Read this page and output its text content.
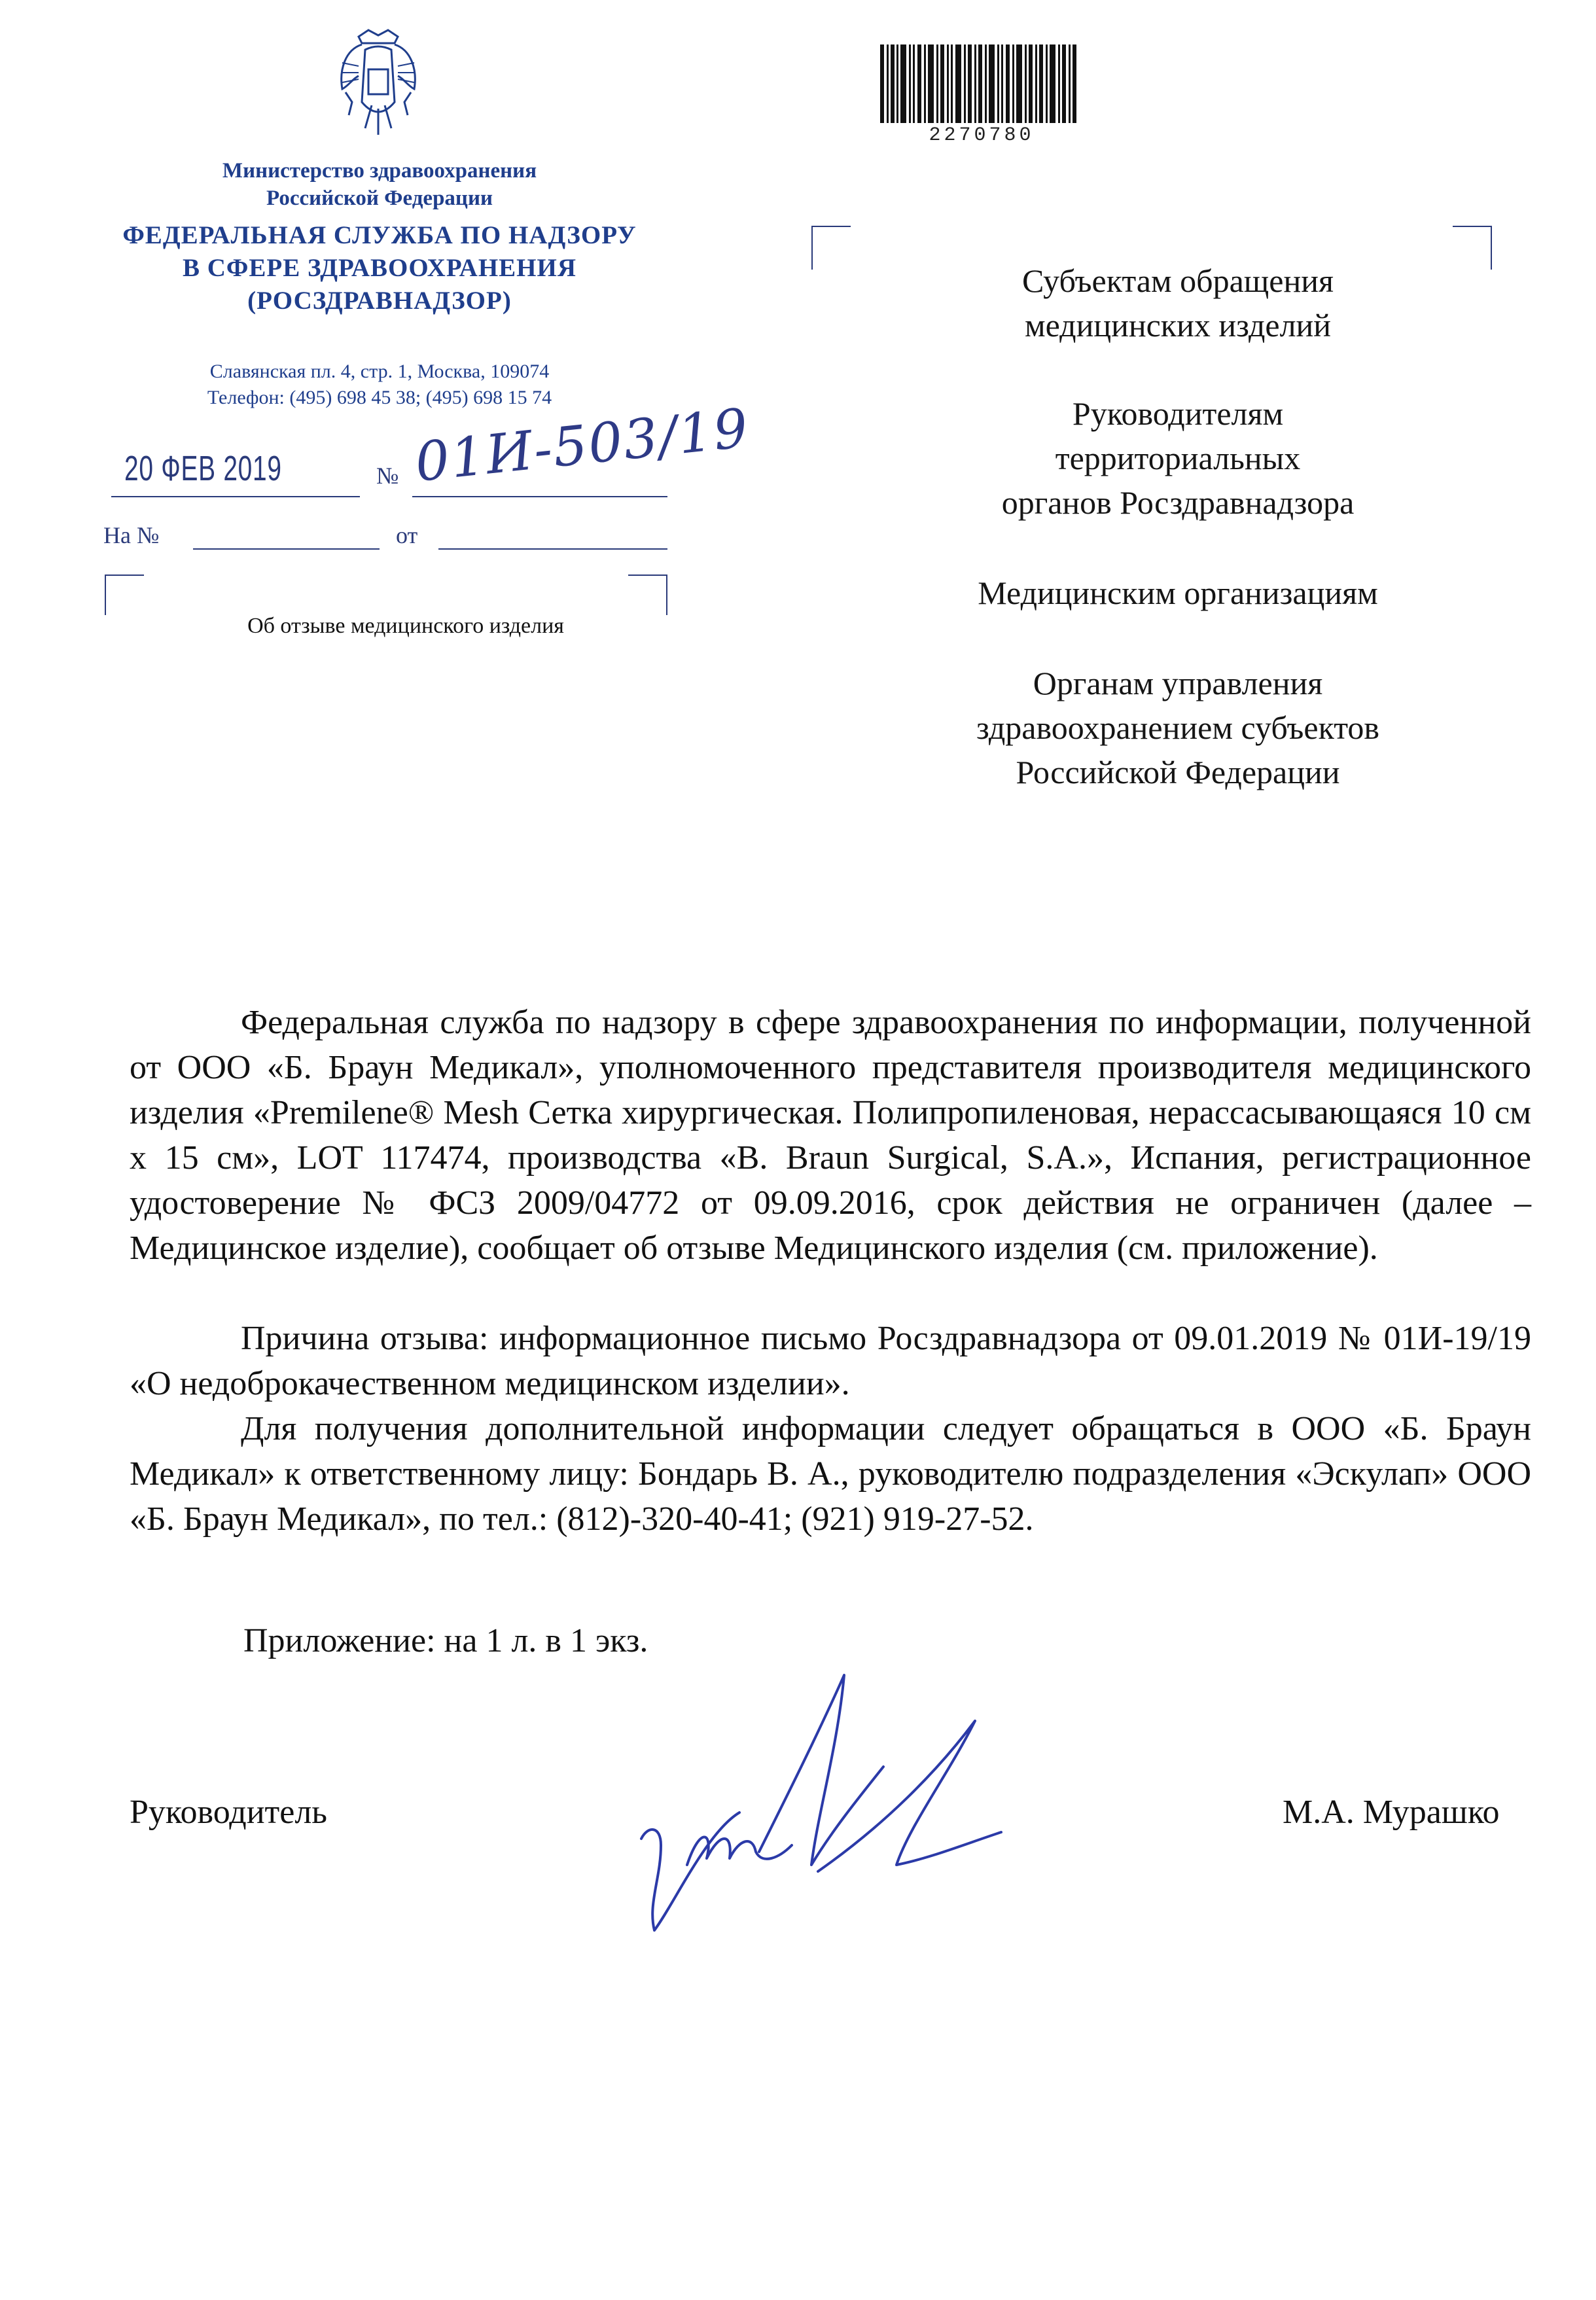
Министерство здравоохранения
Российской Федерации
ФЕДЕРАЛЬНАЯ СЛУЖБА ПО НАДЗОРУ
В СФЕРЕ ЗДРАВООХРАНЕНИЯ
(РОСЗДРАВНАДЗОР)
Славянская пл. 4, стр. 1, Москва, 109074
Телефон: (495) 698 45 38; (495) 698 15 74
20 ФЕВ 2019	№ 01И-503/19
На №	от
Об отзыве медицинского изделия
2270780
Субъектам обращения
медицинских изделий
Руководителям
территориальных
органов Росздравнадзора
Медицинским организациям
Органам управления
здравоохранением субъектов
Российской Федерации
Федеральная служба по надзору в сфере здравоохранения по информации, полученной от ООО «Б. Браун Медикал», уполномоченного представителя производителя медицинского изделия «Premilene® Mesh Сетка хирургическая. Полипропиленовая, нерассасывающаяся 10 см х 15 см», LOT 117474, производства «B. Braun Surgical, S.A.», Испания, регистрационное удостоверение № ФСЗ 2009/04772 от 09.09.2016, срок действия не ограничен (далее – Медицинское изделие), сообщает об отзыве Медицинского изделия (см. приложение).
Причина отзыва: информационное письмо Росздравнадзора от 09.01.2019 № 01И-19/19 «О недоброкачественном медицинском изделии».
Для получения дополнительной информации следует обращаться в ООО «Б. Браун Медикал» к ответственному лицу: Бондарь В. А., руководителю подразделения «Эскулап» ООО «Б. Браун Медикал», по тел.: (812)-320-40-41; (921) 919-27-52.
Приложение: на 1 л. в 1 экз.
Руководитель	М.А. Мурашко
